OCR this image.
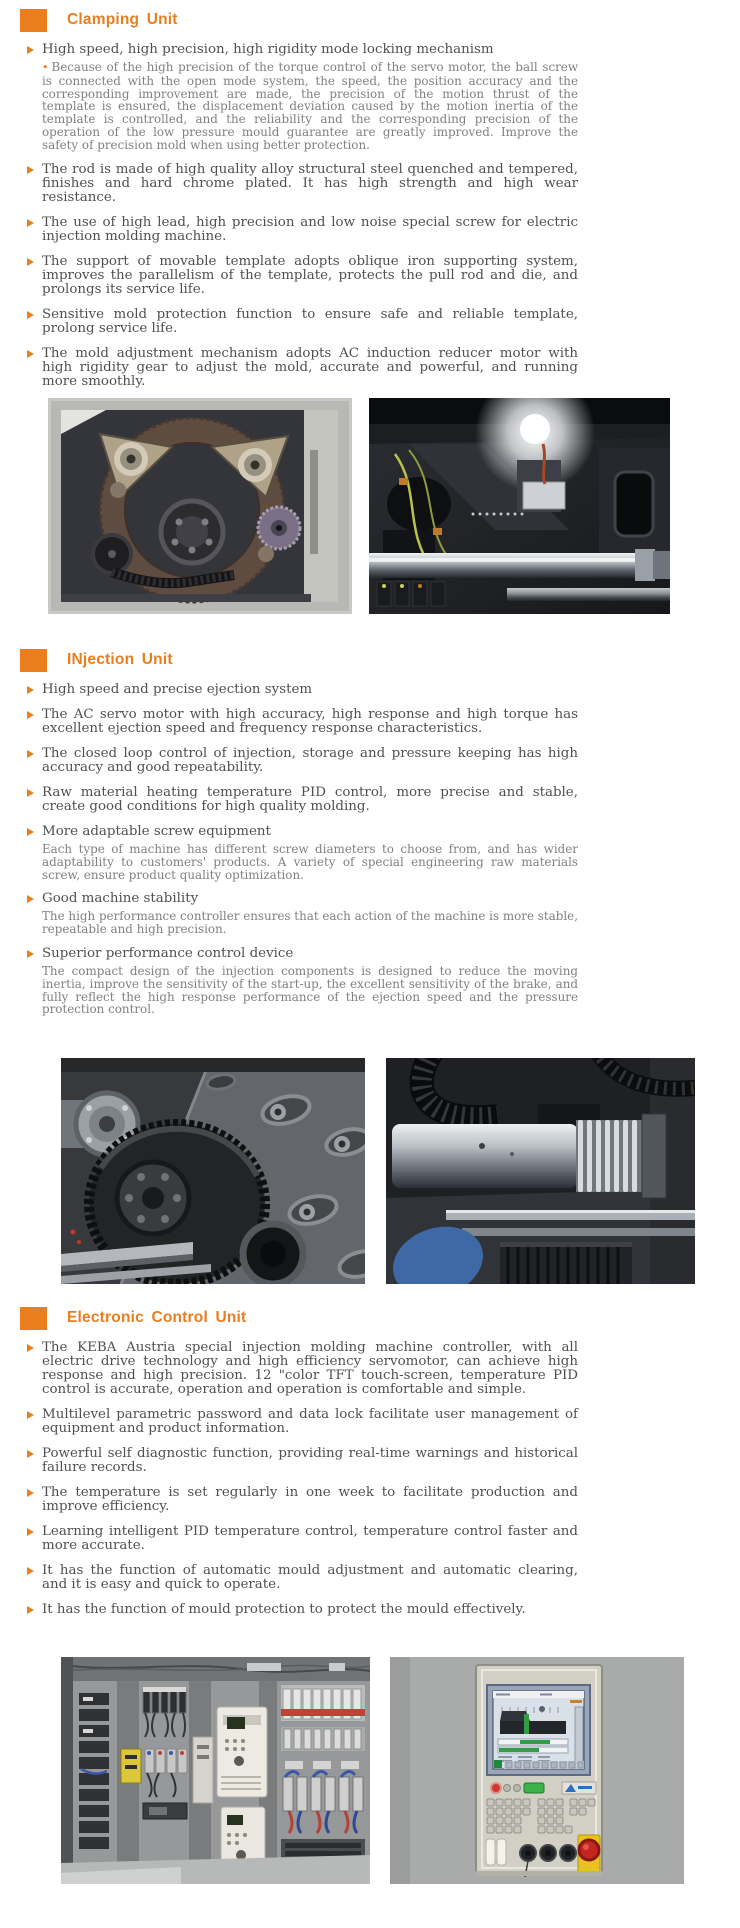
Clamping Unit

High speed, high precision, high rigidity mode locking mechanism

• Because of the high precision of the torque control of the servo motor, the ball screw is connected with the open mode system, the speed, the position accuracy and the corresponding improvement are made, the precision of the motion thrust of the template is ensured, the displacement deviation caused by the motion inertia of the template is controlled, and the reliability and the corresponding precision of the operation of the low pressure mould guarantee are greatly improved. Improve the safety of precision mold when using better protection.

The rod is made of high quality alloy structural steel quenched and tempered, finishes and hard chrome plated. It has high strength and high wear resistance.

The use of high lead, high precision and low noise special screw for electric injection molding machine.

The support of movable template adopts oblique iron supporting system, improves the parallelism of the template, protects the pull rod and die, and prolongs its service life.

Sensitive mold protection function to ensure safe and reliable template, prolong service life.

The mold adjustment mechanism adopts AC induction reducer motor with high rigidity gear to adjust the mold, accurate and powerful, and running more smoothly.

INjection Unit

High speed and precise ejection system

The AC servo motor with high accuracy, high response and high torque has excellent ejection speed and frequency response characteristics.

The closed loop control of injection, storage and pressure keeping has high accuracy and good repeatability.

Raw material heating temperature PID control, more precise and stable, create good conditions for high quality molding.

More adaptable screw equipment

Each type of machine has different screw diameters to choose from, and has wider adaptability to customers' products. A variety of special engineering raw materials screw, ensure product quality optimization.

Good machine stability

The high performance controller ensures that each action of the machine is more stable, repeatable and high precision.

Superior performance control device

The compact design of the injection components is designed to reduce the moving inertia, improve the sensitivity of the start-up, the excellent sensitivity of the brake, and fully reflect the high response performance of the ejection speed and the pressure protection control.

Electronic Control Unit

The KEBA Austria special injection molding machine controller, with all electric drive technology and high efficiency servomotor, can achieve high response and high precision. 12 "color TFT touch-screen, temperature PID control is accurate, operation and operation is comfortable and simple.

Multilevel parametric password and data lock facilitate user management of equipment and product information.

Powerful self diagnostic function, providing real-time warnings and historical failure records.

The temperature is set regularly in one week to facilitate production and improve efficiency.

Learning intelligent PID temperature control, temperature control faster and more accurate.

It has the function of automatic mould adjustment and automatic clearing, and it is easy and quick to operate.

It has the function of mould protection to protect the mould effectively.
